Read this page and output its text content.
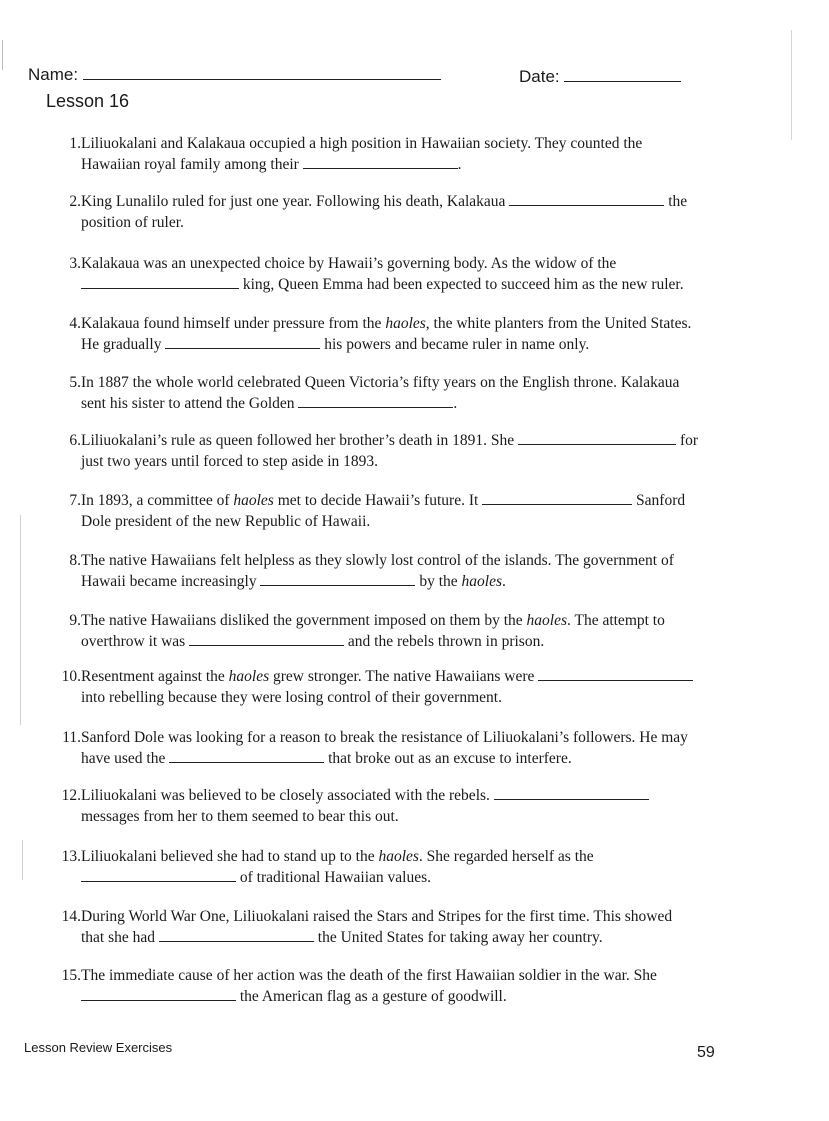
Name:	Date:
Lesson 16
1.Liliuokalani and Kalakaua occupied a high position in Hawaiian society. They counted the
Hawaiian royal family among their	.
2.King Lunalilo ruled for just one year. Following his death, Kalakaua	the
position of ruler.
3.Kalakaua was an unexpected choice by Hawaii’s governing body. As the widow of the
king, Queen Emma had been expected to succeed him as the new ruler.
4.Kalakaua found himself under pressure from the haoles, the white planters from the United States.
He gradually	his powers and became ruler in name only.
5.In 1887 the whole world celebrated Queen Victoria’s fifty years on the English throne. Kalakaua
sent his sister to attend the Golden	.
6.Liliuokalani’s rule as queen followed her brother’s death in 1891. She	for
just two years until forced to step aside in 1893.
7.In 1893, a committee of haoles met to decide Hawaii’s future. It	Sanford
Dole president of the new Republic of Hawaii.
8.The native Hawaiians felt helpless as they slowly lost control of the islands. The government of
Hawaii became increasingly	by the haoles.
9.The native Hawaiians disliked the government imposed on them by the haoles. The attempt to
overthrow it was	and the rebels thrown in prison.
10.Resentment against the haoles grew stronger. The native Hawaiians were
into rebelling because they were losing control of their government.
11.Sanford Dole was looking for a reason to break the resistance of Liliuokalani’s followers. He may
have used the	that broke out as an excuse to interfere.
12.Liliuokalani was believed to be closely associated with the rebels.
messages from her to them seemed to bear this out.
13.Liliuokalani believed she had to stand up to the haoles. She regarded herself as the
of traditional Hawaiian values.
14.During World War One, Liliuokalani raised the Stars and Stripes for the first time. This showed
that she had	the United States for taking away her country.
15.The immediate cause of her action was the death of the first Hawaiian soldier in the war. She
the American flag as a gesture of goodwill.
Lesson Review Exercises	59
